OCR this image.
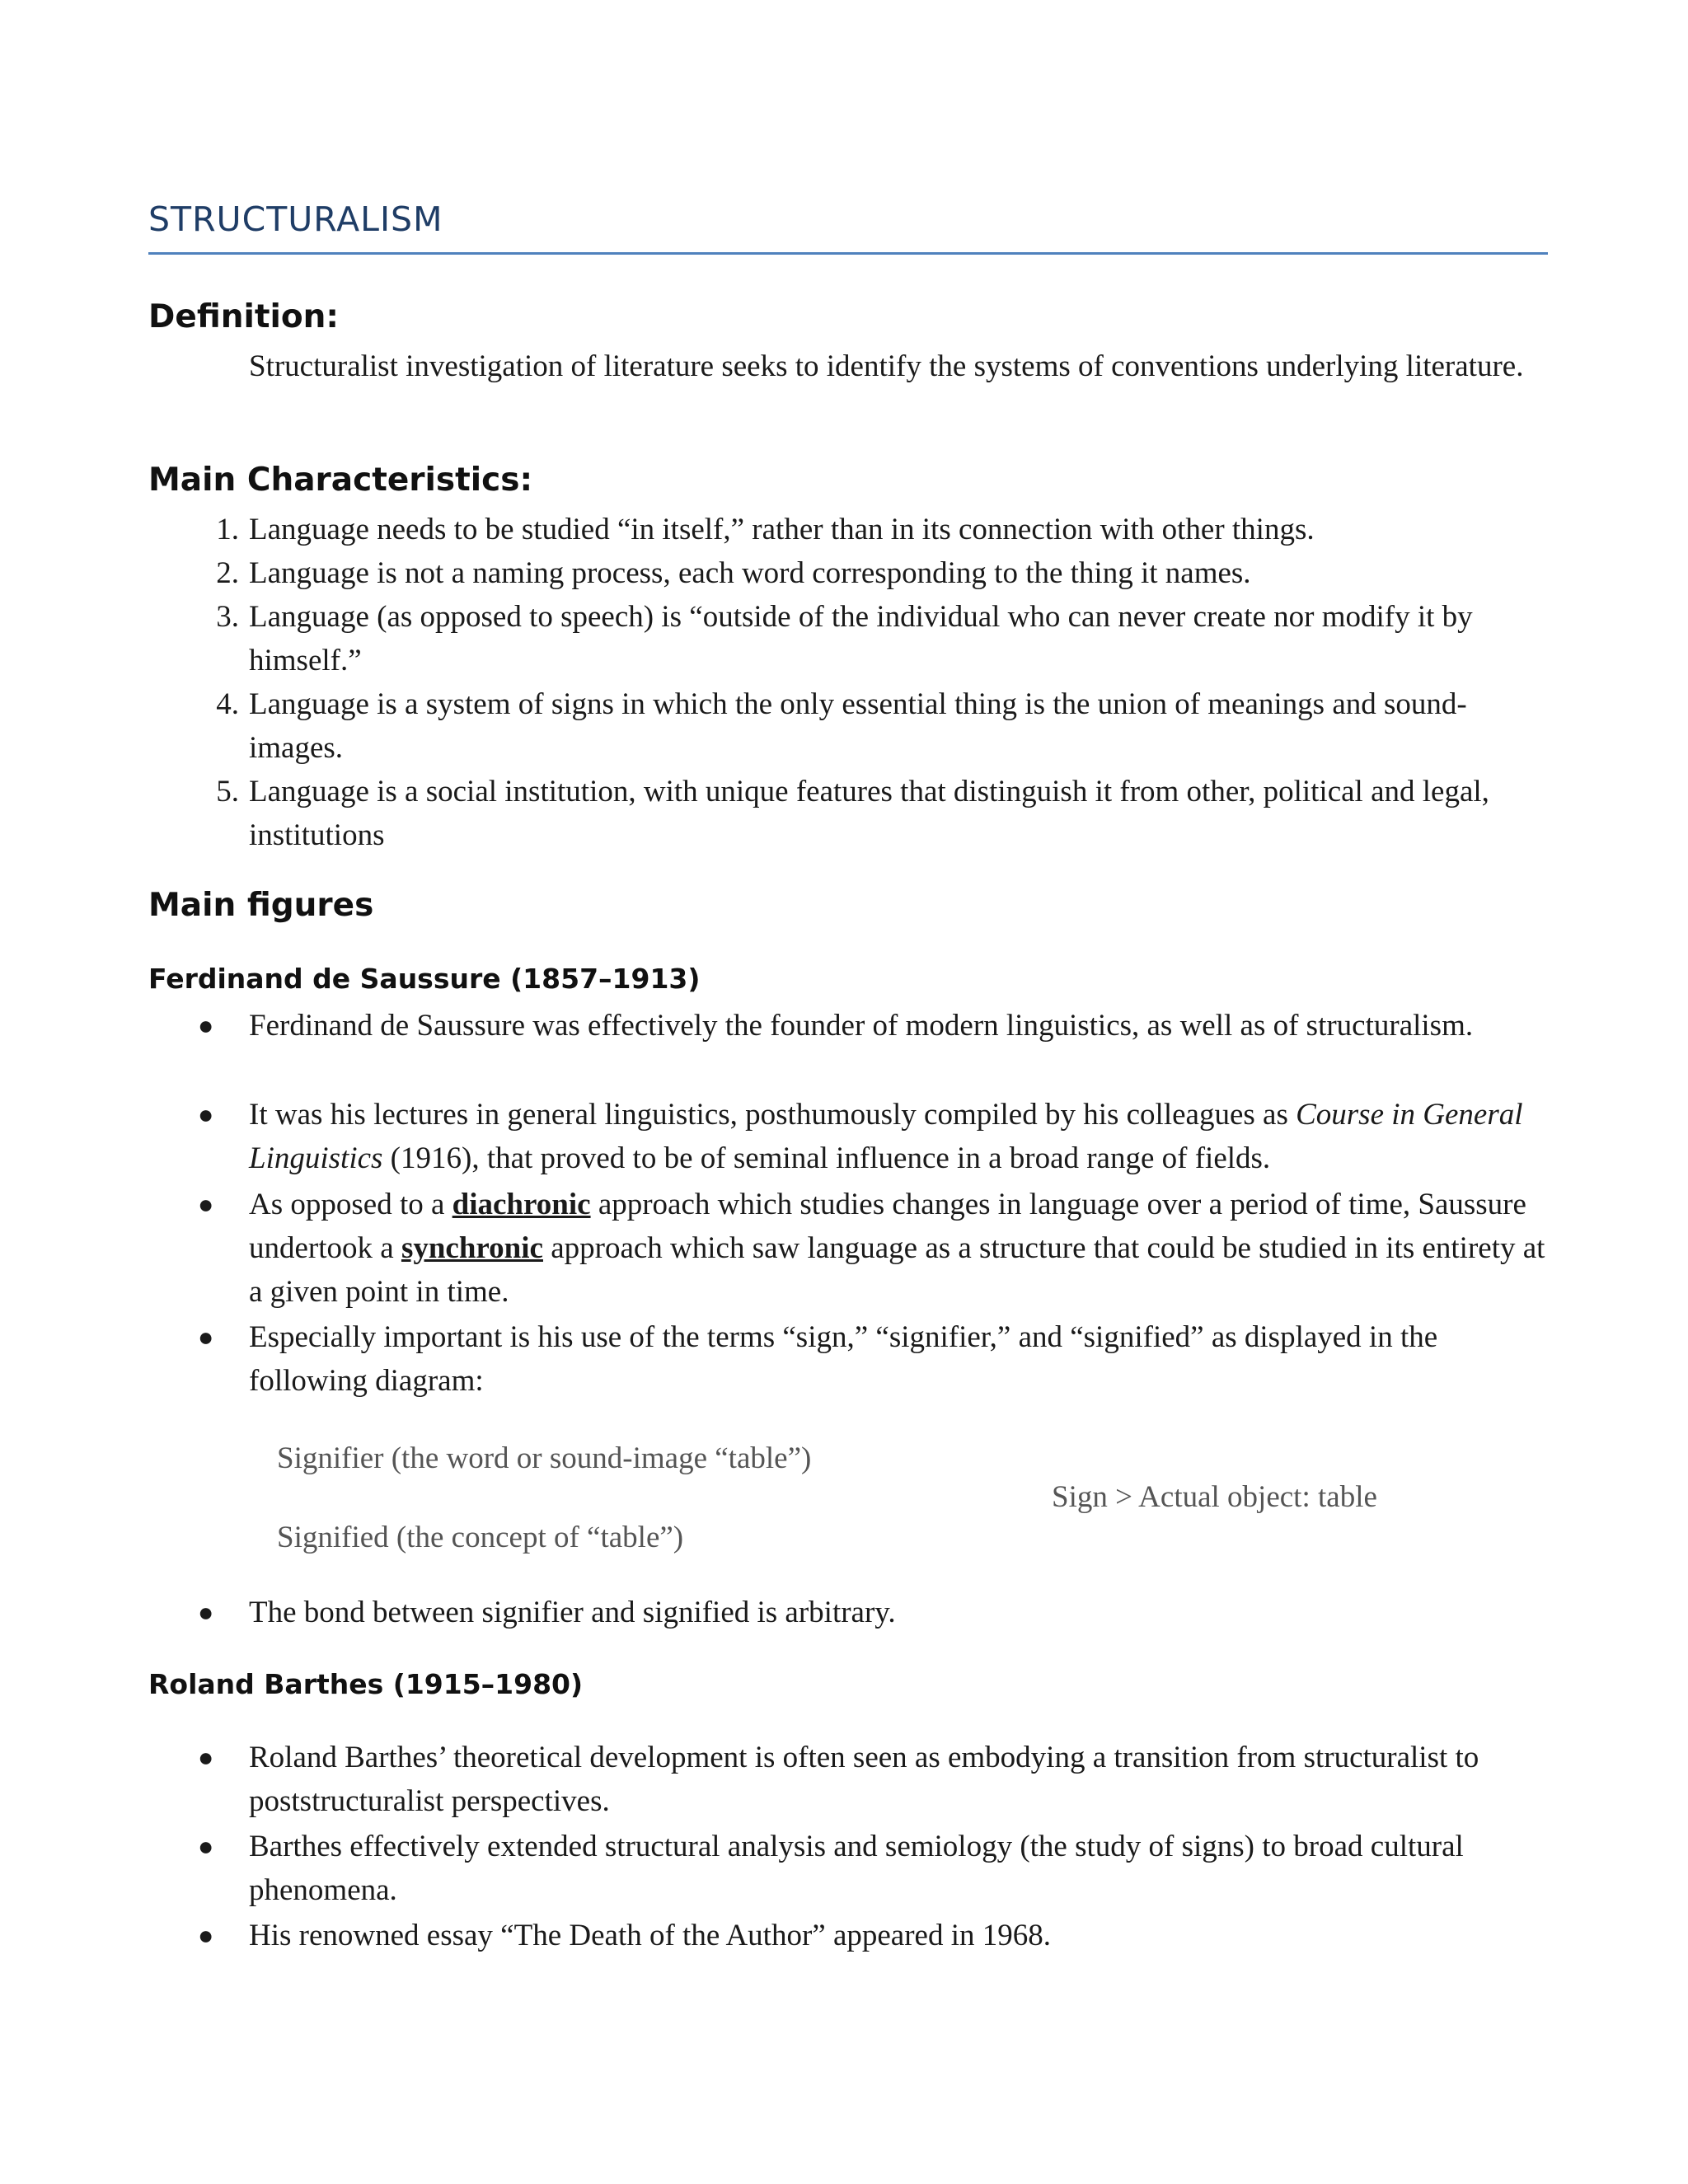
STRUCTURALISM
Definition:

Structuralist investigation of literature seeks to identify the systems of conventions underlying literature.

Main Characteristics:
1. Language needs to be studied “in itself,” rather than in its connection with other things.
2. Language is not a naming process, each word corresponding to the thing it names.
3. Language (as opposed to speech) is “outside of the individual who can never create nor modify it by himself.”
4. Language is a system of signs in which the only essential thing is the union of meanings and sound-images.
5. Language is a social institution, with unique features that distinguish it from other, political and legal, institutions
Main figures
Ferdinand de Saussure (1857–1913)
● Ferdinand de Saussure was effectively the founder of modern linguistics, as well as of structuralism.
● It was his lectures in general linguistics, posthumously compiled by his colleagues as Course in General Linguistics (1916), that proved to be of seminal influence in a broad range of fields.
● As opposed to a diachronic approach which studies changes in language over a period of time, Saussure undertook a synchronic approach which saw language as a structure that could be studied in its entirety at a given point in time.
● Especially important is his use of the terms “sign,” “signifier,” and “signified” as displayed in the following diagram:
Signifier (the word or sound-image “table”)
Sign > Actual object: table
Signified (the concept of “table”)
● The bond between signifier and signified is arbitrary.
Roland Barthes (1915–1980)
● Roland Barthes’ theoretical development is often seen as embodying a transition from structuralist to poststructuralist perspectives.
● Barthes effectively extended structural analysis and semiology (the study of signs) to broad cultural phenomena.
● His renowned essay “The Death of the Author” appeared in 1968.
